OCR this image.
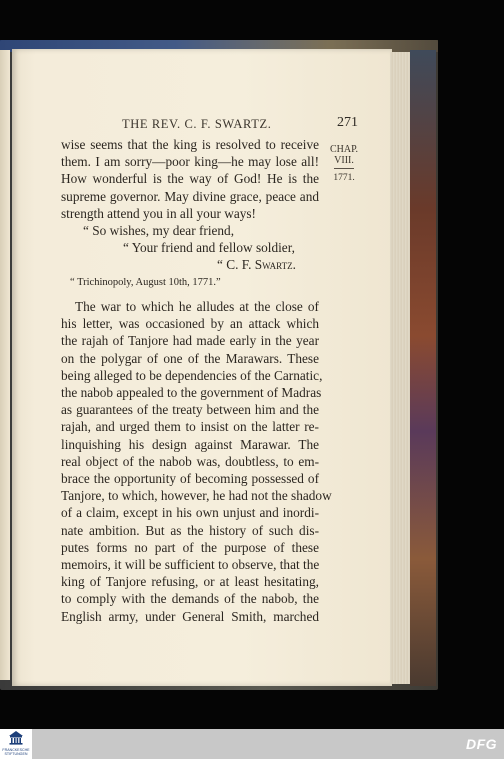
THE REV. C. F. SWARTZ.	271
CHAP.
VIII.
1771.
wise seems that the king is resolved to receive
them. I am sorry—poor king—he may lose all!
How wonderful is the way of God! He is the
supreme governor. May divine grace, peace and
strength attend you in all your ways!
“ So wishes, my dear friend,
“ Your friend and fellow soldier,
“ C. F. Swartz.
“ Trichinopoly, August 10th, 1771.”
The war to which he alludes at the close of
his letter, was occasioned by an attack which
the rajah of Tanjore had made early in the year
on the polygar of one of the Marawars. These
being alleged to be dependencies of the Carnatic,
the nabob appealed to the government of Madras
as guarantees of the treaty between him and the
rajah, and urged them to insist on the latter re-
linquishing his design against Marawar. The
real object of the nabob was, doubtless, to em-
brace the opportunity of becoming possessed of
Tanjore, to which, however, he had not the shadow
of a claim, except in his own unjust and inordi-
nate ambition. But as the history of such dis-
putes forms no part of the purpose of these
memoirs, it will be sufficient to observe, that the
king of Tanjore refusing, or at least hesitating,
to comply with the demands of the nabob, the
English army, under General Smith, marched
FRANCKESCHE
STIFTUNGEN
DFG
